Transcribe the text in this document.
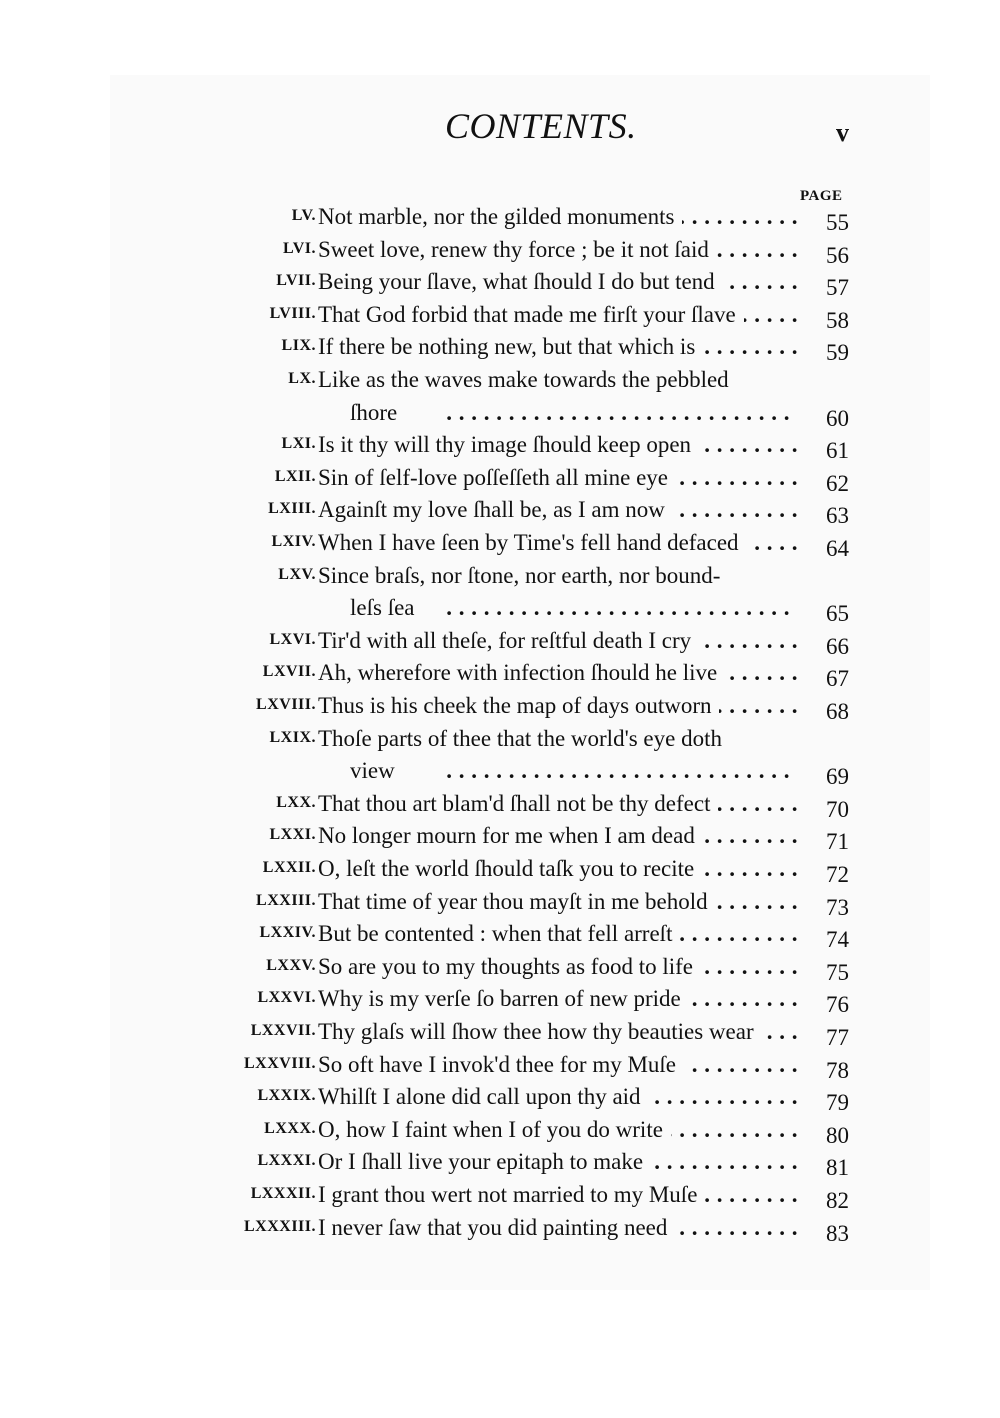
CONTENTS.	v
PAGE
LV. Not marble, nor the gilded monuments . .	55
LVI. Sweet love, renew thy force ; be it not ſaid . .	56
LVII. Being your ſlave, what ſhould I do but tend . .	57
LVIII. That God forbid that made me firſt your ſlave . .	58
LIX. If there be nothing new, but that which is . .	59
LX. Like as the waves make towards the pebbled
ſhore . .	60
LXI. Is it thy will thy image ſhould keep open . .	61
LXII. Sin of ſelf-love poſſeſſeth all mine eye . .	62
LXIII. Againſt my love ſhall be, as I am now . .	63
LXIV. When I have ſeen by Time's fell hand defaced . .	64
LXV. Since braſs, nor ſtone, nor earth, nor bound-
leſs ſea . .	65
LXVI. Tir'd with all theſe, for reſtful death I cry . .	66
LXVII. Ah, wherefore with infection ſhould he live . .	67
LXVIII. Thus is his cheek the map of days outworn . .	68
LXIX. Thoſe parts of thee that the world's eye doth
view . .	69
LXX. That thou art blam'd ſhall not be thy defect . .	70
LXXI. No longer mourn for me when I am dead . .	71
LXXII. O, leſt the world ſhould taſk you to recite . .	72
LXXIII. That time of year thou mayſt in me behold . .	73
LXXIV. But be contented : when that fell arreſt . .	74
LXXV. So are you to my thoughts as food to life . .	75
LXXVI. Why is my verſe ſo barren of new pride . .	76
LXXVII. Thy glaſs will ſhow thee how thy beauties wear . .	77
LXXVIII. So oft have I invok'd thee for my Muſe . .	78
LXXIX. Whilſt I alone did call upon thy aid . .	79
LXXX. O, how I faint when I of you do write . .	80
LXXXI. Or I ſhall live your epitaph to make . .	81
LXXXII. I grant thou wert not married to my Muſe . .	82
LXXXIII. I never ſaw that you did painting need . .	83
